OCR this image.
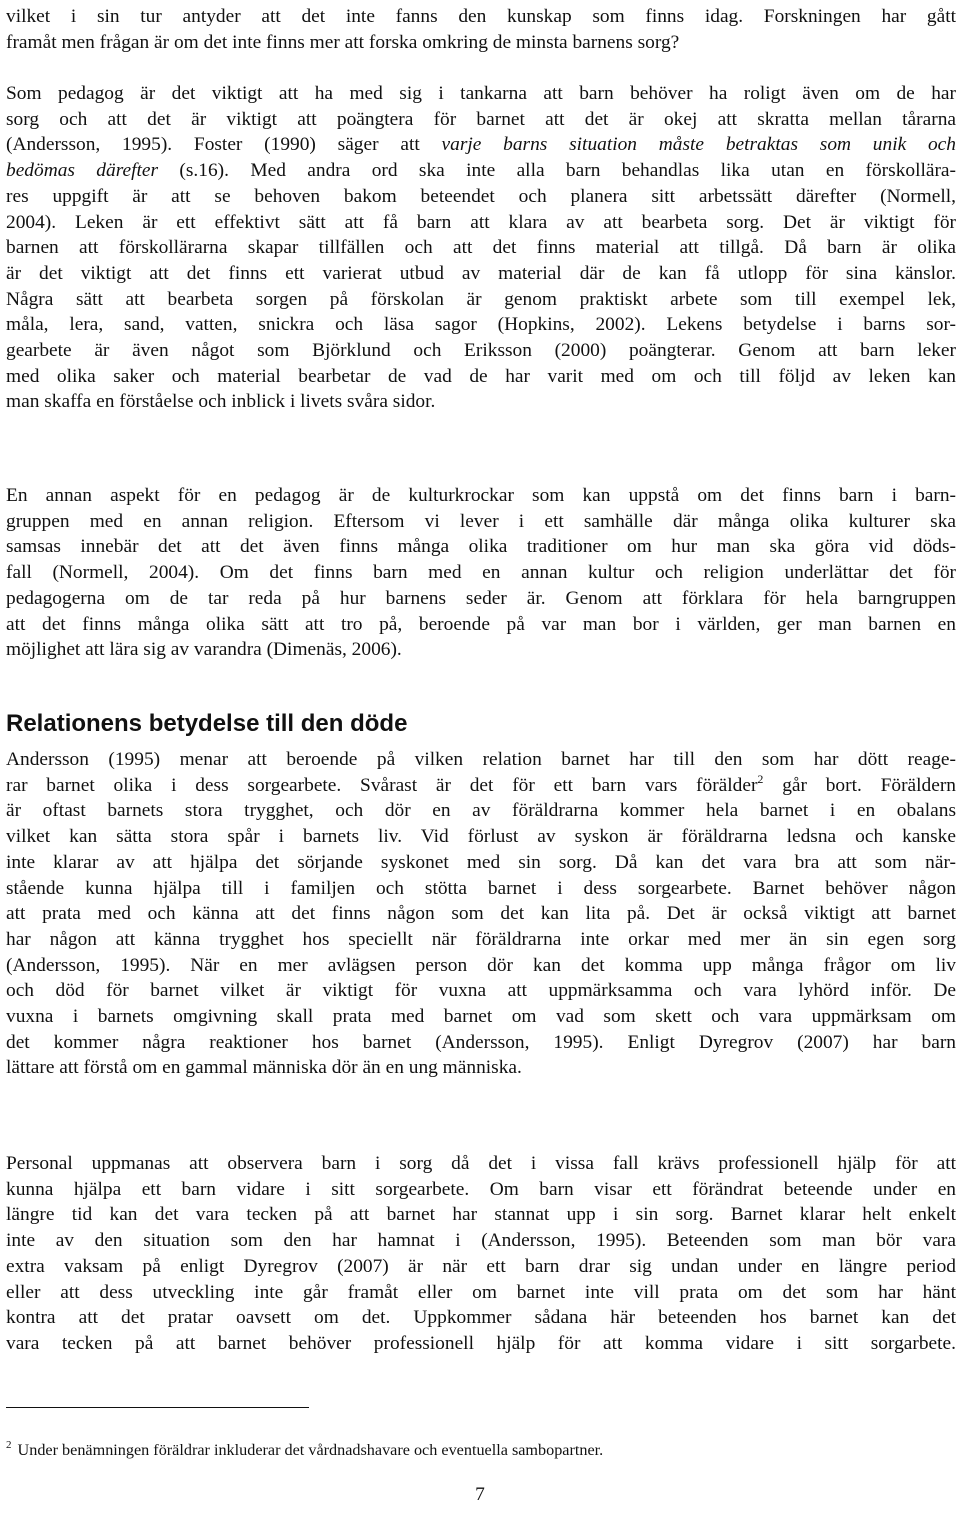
vilket i sin tur antyder att det inte fanns den kunskap som finns idag. Forskningen har gått
framåt men frågan är om det inte finns mer att forska omkring de minsta barnens sorg?
Som pedagog är det viktigt att ha med sig i tankarna att barn behöver ha roligt även om de har
sorg och att det är viktigt att poängtera för barnet att det är okej att skratta mellan tårarna
(Andersson, 1995). Foster (1990) säger att varje barns situation måste betraktas som unik och
bedömas därefter (s.16). Med andra ord ska inte alla barn behandlas lika utan en förskollära-
res uppgift är att se behoven bakom beteendet och planera sitt arbetssätt därefter (Normell,
2004). Leken är ett effektivt sätt att få barn att klara av att bearbeta sorg. Det är viktigt för
barnen att förskollärarna skapar tillfällen och att det finns material att tillgå. Då barn är olika
är det viktigt att det finns ett varierat utbud av material där de kan få utlopp för sina känslor.
Några sätt att bearbeta sorgen på förskolan är genom praktiskt arbete som till exempel lek,
måla, lera, sand, vatten, snickra och läsa sagor (Hopkins, 2002). Lekens betydelse i barns sor-
gearbete är även något som Björklund och Eriksson (2000) poängterar. Genom att barn leker
med olika saker och material bearbetar de vad de har varit med om och till följd av leken kan
man skaffa en förståelse och inblick i livets svåra sidor.
En annan aspekt för en pedagog är de kulturkrockar som kan uppstå om det finns barn i barn-
gruppen med en annan religion. Eftersom vi lever i ett samhälle där många olika kulturer ska
samsas innebär det att det även finns många olika traditioner om hur man ska göra vid döds-
fall (Normell, 2004). Om det finns barn med en annan kultur och religion underlättar det för
pedagogerna om de tar reda på hur barnens seder är. Genom att förklara för hela barngruppen
att det finns många olika sätt att tro på, beroende på var man bor i världen, ger man barnen en
möjlighet att lära sig av varandra (Dimenäs, 2006).
Relationens betydelse till den döde
Andersson (1995) menar att beroende på vilken relation barnet har till den som har dött reage-
rar barnet olika i dess sorgearbete. Svårast är det för ett barn vars förälder$^2$ går bort. Föräldern
är oftast barnets stora trygghet, och dör en av föräldrarna kommer hela barnet i en obalans
vilket kan sätta stora spår i barnets liv. Vid förlust av syskon är föräldrarna ledsna och kanske
inte klarar av att hjälpa det sörjande syskonet med sin sorg. Då kan det vara bra att som när-
stående kunna hjälpa till i familjen och stötta barnet i dess sorgearbete. Barnet behöver någon
att prata med och känna att det finns någon som det kan lita på. Det är också viktigt att barnet
har någon att känna trygghet hos speciellt när föräldrarna inte orkar med mer än sin egen sorg
(Andersson, 1995). När en mer avlägsen person dör kan det komma upp många frågor om liv
och död för barnet vilket är viktigt för vuxna att uppmärksamma och vara lyhörd inför. De
vuxna i barnets omgivning skall prata med barnet om vad som skett och vara uppmärksam om
det kommer några reaktioner hos barnet (Andersson, 1995). Enligt Dyregrov (2007) har barn
lättare att förstå om en gammal människa dör än en ung människa.
Personal uppmanas att observera barn i sorg då det i vissa fall krävs professionell hjälp för att
kunna hjälpa ett barn vidare i sitt sorgearbete. Om barn visar ett förändrat beteende under en
längre tid kan det vara tecken på att barnet har stannat upp i sin sorg. Barnet klarar helt enkelt
inte av den situation som den har hamnat i (Andersson, 1995). Beteenden som man bör vara
extra vaksam på enligt Dyregrov (2007) är när ett barn drar sig undan under en längre period
eller att dess utveckling inte går framåt eller om barnet inte vill prata om det som har hänt
kontra att det pratar oavsett om det. Uppkommer sådana här beteenden hos barnet kan det
vara tecken på att barnet behöver professionell hjälp för att komma vidare i sitt sorgarbete.

$^2$ Under benämningen föräldrar inkluderar det vårdnadshavare och eventuella sambopartner.

7
